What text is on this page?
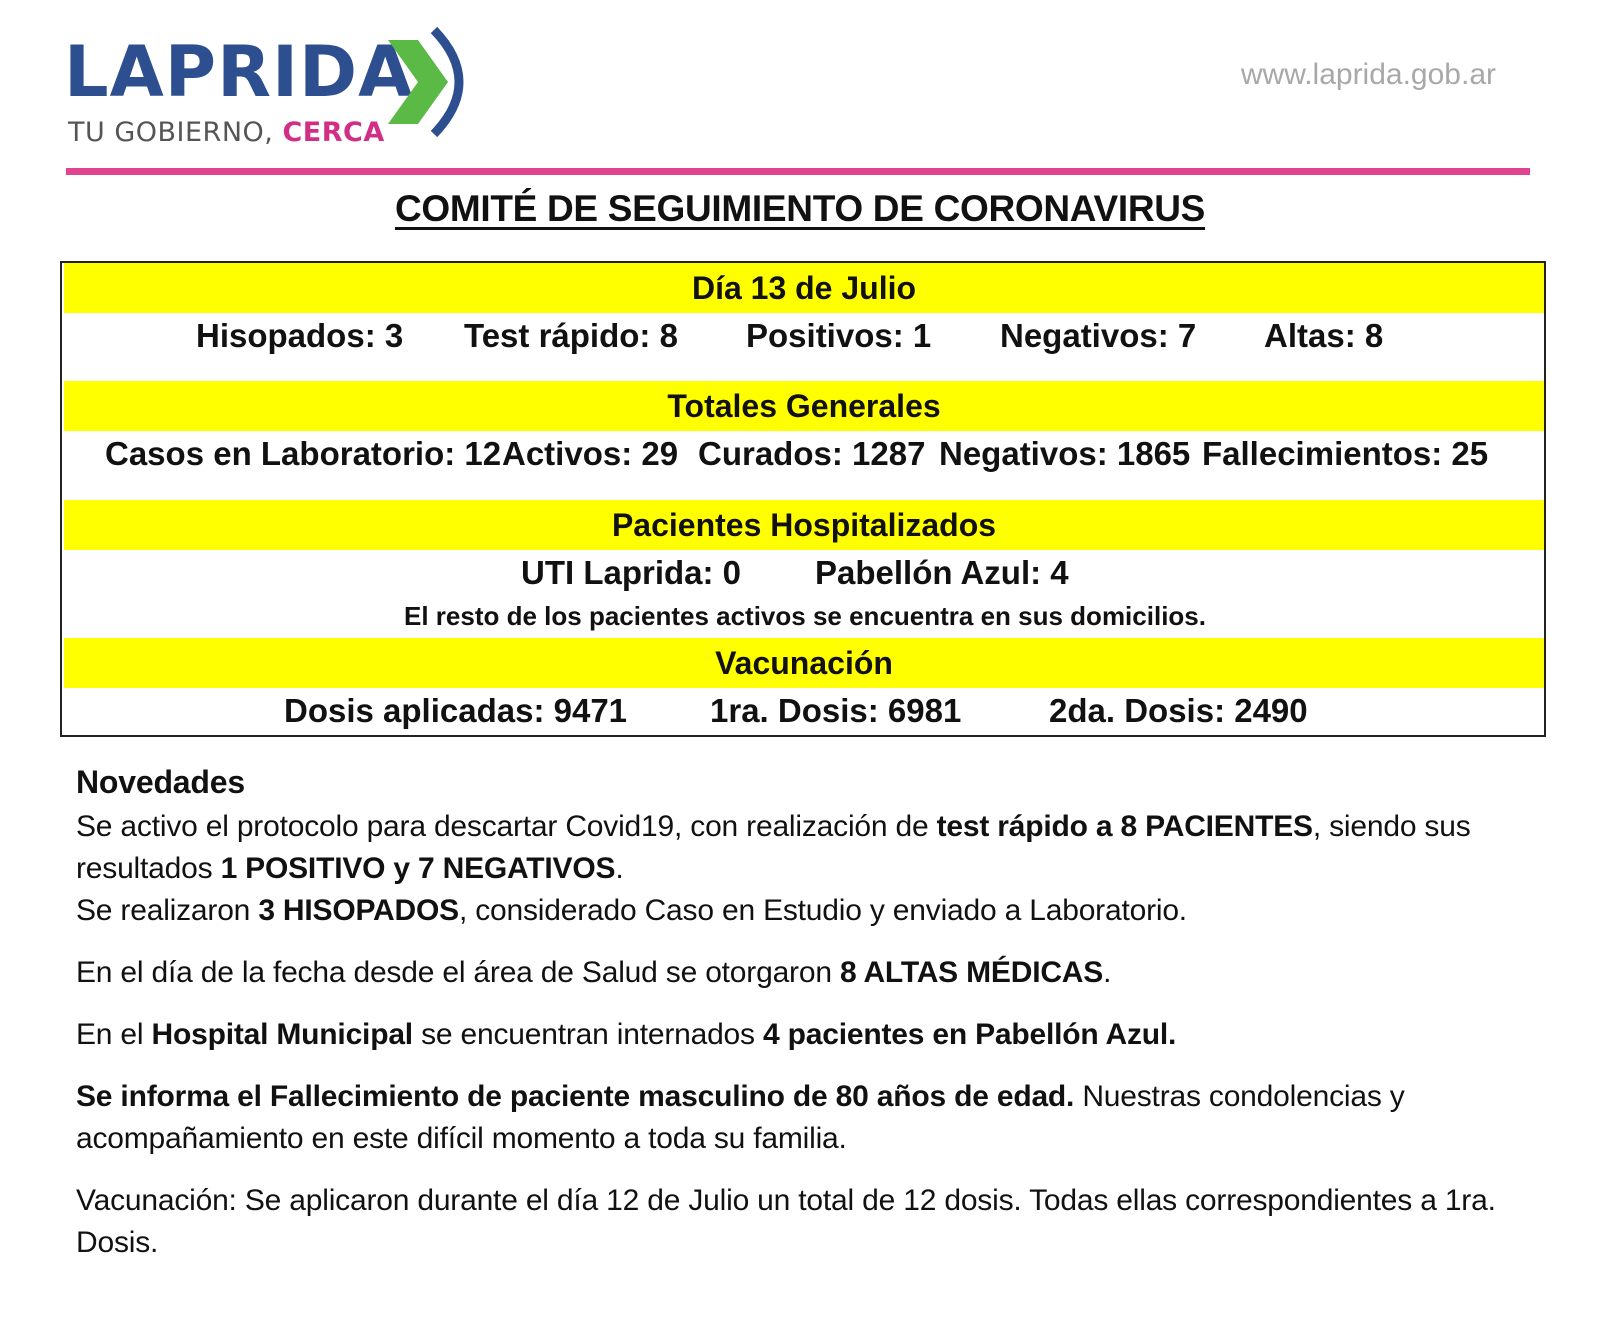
LAPRIDA
TU GOBIERNO, CERCA
www.laprida.gob.ar
COMITÉ DE SEGUIMIENTO DE CORONAVIRUS
Día 13 de Julio
Hisopados: 3 Test rápido: 8 Positivos: 1 Negativos: 7 Altas: 8
Totales Generales
Casos en Laboratorio: 12 Activos: 29 Curados: 1287 Negativos: 1865 Fallecimientos: 25
Pacientes Hospitalizados
UTI Laprida: 0 Pabellón Azul: 4
El resto de los pacientes activos se encuentra en sus domicilios.
Vacunación
Dosis aplicadas: 9471	1ra. Dosis: 6981	2da. Dosis: 2490
Novedades

Se activo el protocolo para descartar Covid19, con realización de test rápido a 8 PACIENTES, siendo sus resultados 1 POSITIVO y 7 NEGATIVOS.

Se realizaron 3 HISOPADOS, considerado Caso en Estudio y enviado a Laboratorio.

En el día de la fecha desde el área de Salud se otorgaron 8 ALTAS MÉDICAS.

En el Hospital Municipal se encuentran internados 4 pacientes en Pabellón Azul.

Se informa el Fallecimiento de paciente masculino de 80 años de edad. Nuestras condolencias y acompañamiento en este difícil momento a toda su familia.

Vacunación: Se aplicaron durante el día 12 de Julio un total de 12 dosis. Todas ellas correspondientes a 1ra. Dosis.
